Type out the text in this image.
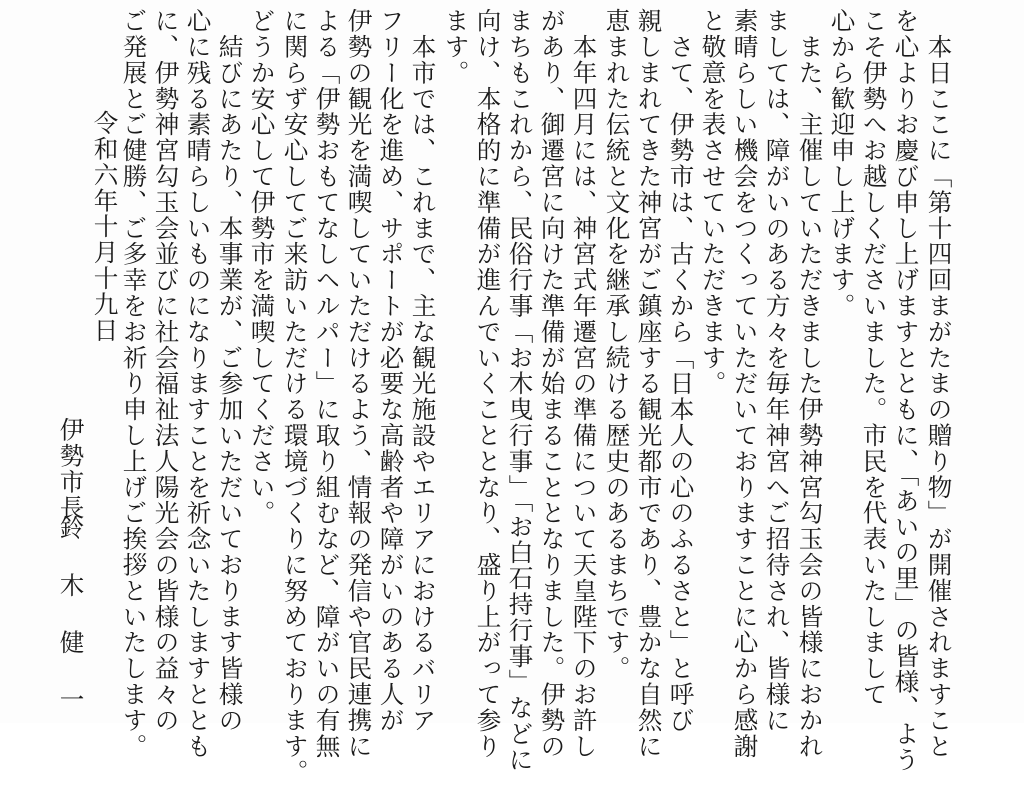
　本日ここに「第十四回まがたまの贈り物」が開催されますこと

を心よりお慶び申し上げますとともに、「あいの里」の皆様、よう

こそ伊勢へお越しくださいました。市民を代表いたしまして

心から歓迎申し上げます。

　また、主催していただきました伊勢神宮勾玉会の皆様におかれ

ましては、障がいのある方々を毎年神宮へご招待され、皆様に

素晴らしい機会をつくっていただいておりますことに心から感謝

と敬意を表させていただきます。

　さて、伊勢市は、古くから「日本人の心のふるさと」と呼び

親しまれてきた神宮がご鎮座する観光都市であり、豊かな自然に

恵まれた伝統と文化を継承し続ける歴史のあるまちです。

　本年四月には、神宮式年遷宮の準備について天皇陛下のお許し

があり、御遷宮に向けた準備が始まることとなりました。伊勢の

まちもこれから、民俗行事「お木曳行事」「お白石持行事」などに

向け、本格的に準備が進んでいくこととなり、盛り上がって参り

ます。

　本市では、これまで、主な観光施設やエリアにおけるバリア

フリー化を進め、サポートが必要な高齢者や障がいのある人が

伊勢の観光を満喫していただけるよう、情報の発信や官民連携に

よる「伊勢おもてなしヘルパー」に取り組むなど、障がいの有無

に関らず安心してご来訪いただける環境づくりに努めております。

どうか安心して伊勢市を満喫してください。

　結びにあたり、本事業が、ご参加いただいております皆様の

心に残る素晴らしいものになりますことを祈念いたしますととも

に、伊勢神宮勾玉会並びに社会福祉法人陽光会の皆様の益々の

ご発展とご健勝、ご多幸をお祈り申し上げご挨拶といたします。

令和六年十月十九日

伊勢市長

鈴　木　健　一
